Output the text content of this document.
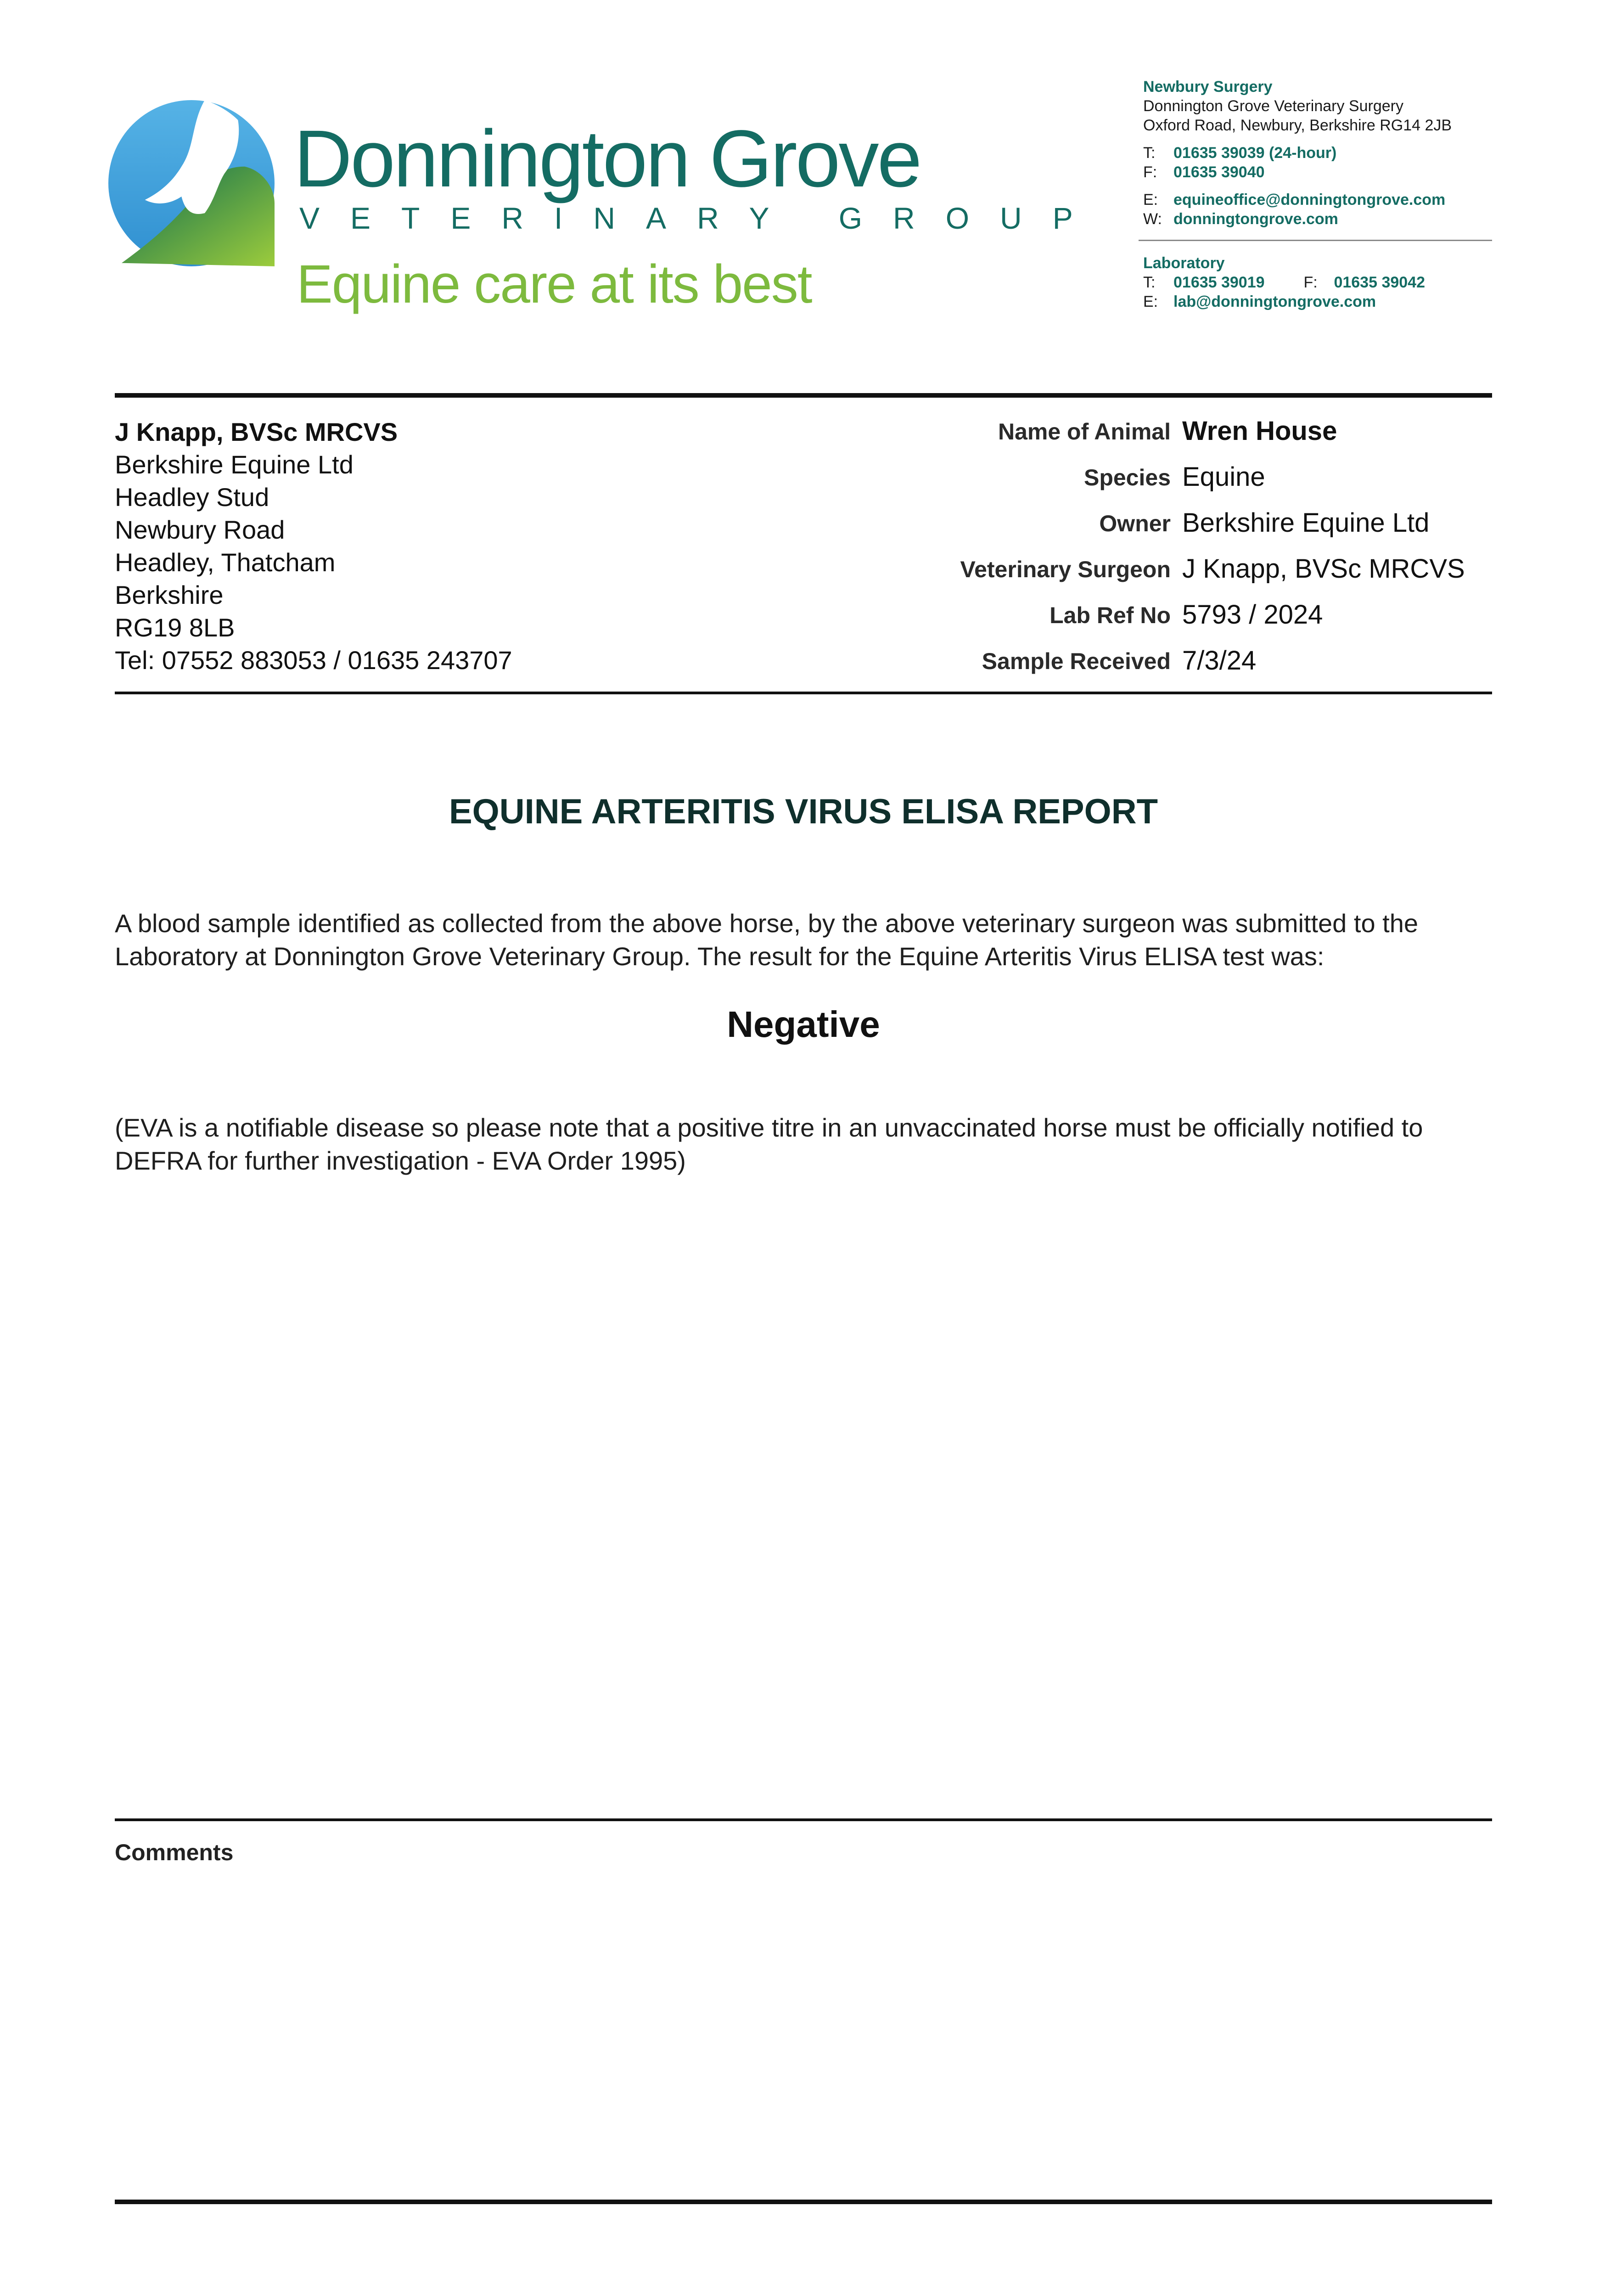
Donnington Grove
VETERINARY GROUP
Equine care at its best
Newbury Surgery
Donnington Grove Veterinary Surgery
Oxford Road, Newbury, Berkshire RG14 2JB
T: 01635 39039 (24-hour)
F: 01635 39040
E: equineoffice@donningtongrove.com
W: donningtongrove.com
Laboratory
T: 01635 39019 F: 01635 39042
E: lab@donningtongrove.com
J Knapp, BVSc MRCVS
Berkshire Equine Ltd
Headley Stud
Newbury Road
Headley, Thatcham
Berkshire
RG19 8LB
Tel: 07552 883053 / 01635 243707
Name of Animal Wren House
Species Equine
Owner Berkshire Equine Ltd
Veterinary Surgeon J Knapp, BVSc MRCVS
Lab Ref No 5793 / 2024
Sample Received 7/3/24
EQUINE ARTERITIS VIRUS ELISA REPORT
A blood sample identified as collected from the above horse, by the above veterinary surgeon was submitted to the Laboratory at Donnington Grove Veterinary Group. The result for the Equine Arteritis Virus ELISA test was:
Negative
(EVA is a notifiable disease so please note that a positive titre in an unvaccinated horse must be officially notified to DEFRA for further investigation - EVA Order 1995)
Comments
